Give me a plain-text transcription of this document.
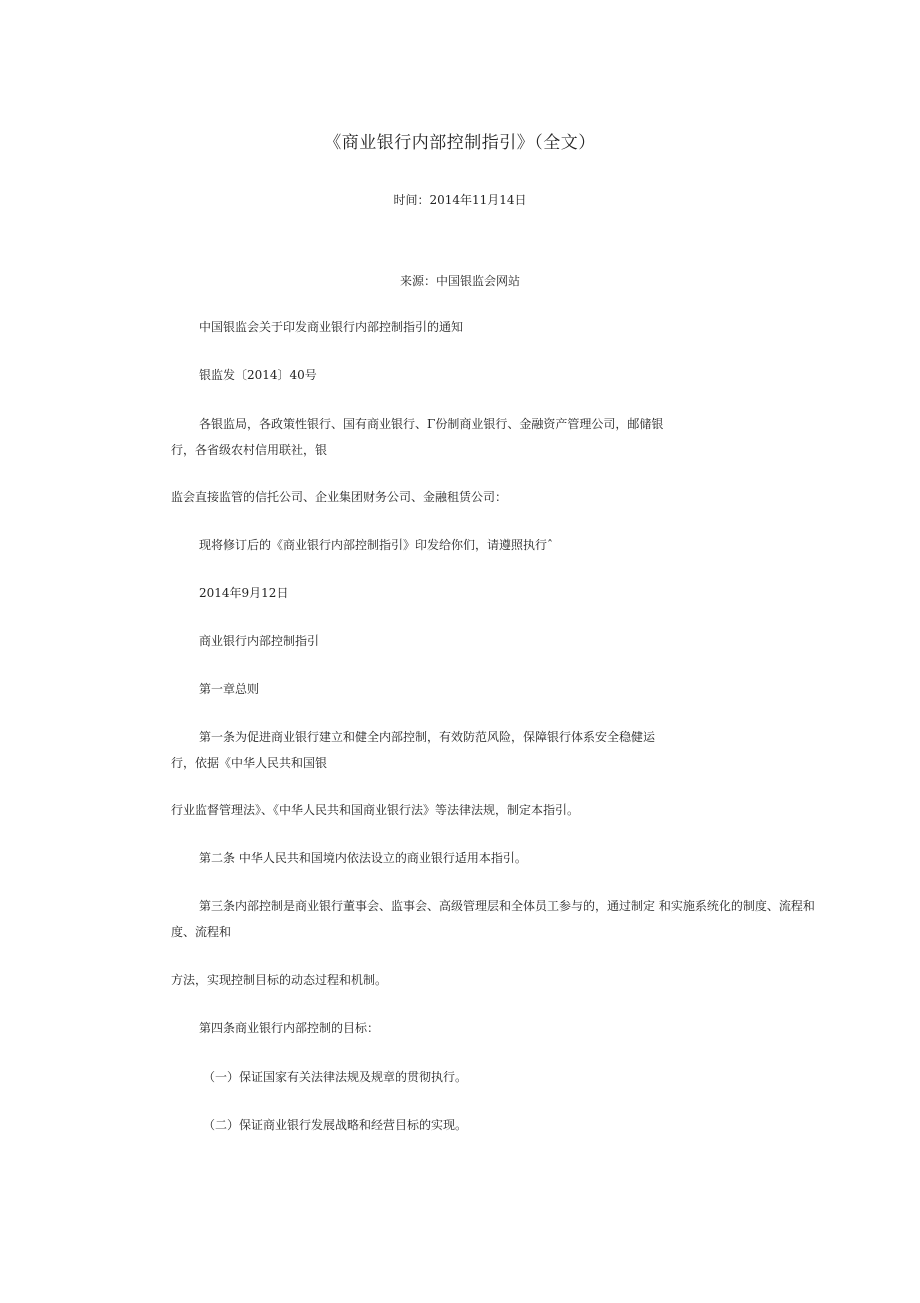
《商业银行内部控制指引》（全文）
时间：2014年11月14日
来源：中国银监会网站
中国银监会关于印发商业银行内部控制指引的通知
银监发〔2014〕40号
各银监局，各政策性银行、国有商业银行、Γ份制商业银行、金融资产管理公司，邮储银
行，各省级农村信用联社，银
监会直接监管的信托公司、企业集团财务公司、金融租赁公司：
现将修订后的《商业银行内部控制指引》印发给你们，请遵照执行ˆ
2014年9月12日
商业银行内部控制指引
第一章总则
第一条为促进商业银行建立和健全内部控制，有效防范风险，保障银行体系安全稳健运
行，依据《中华人民共和国银
行业监督管理法》、《中华人民共和国商业银行法》等法律法规，制定本指引。
第二条 中华人民共和国境内依法设立的商业银行适用本指引。
第三条内部控制是商业银行董事会、监事会、高级管理层和全体员工参与的，通过制定 和实施系统化的制度、流程和
度、流程和
方法，实现控制目标的动态过程和机制。
第四条商业银行内部控制的目标：
（一）保证国家有关法律法规及规章的贯彻执行。
（二）保证商业银行发展战略和经营目标的实现。
